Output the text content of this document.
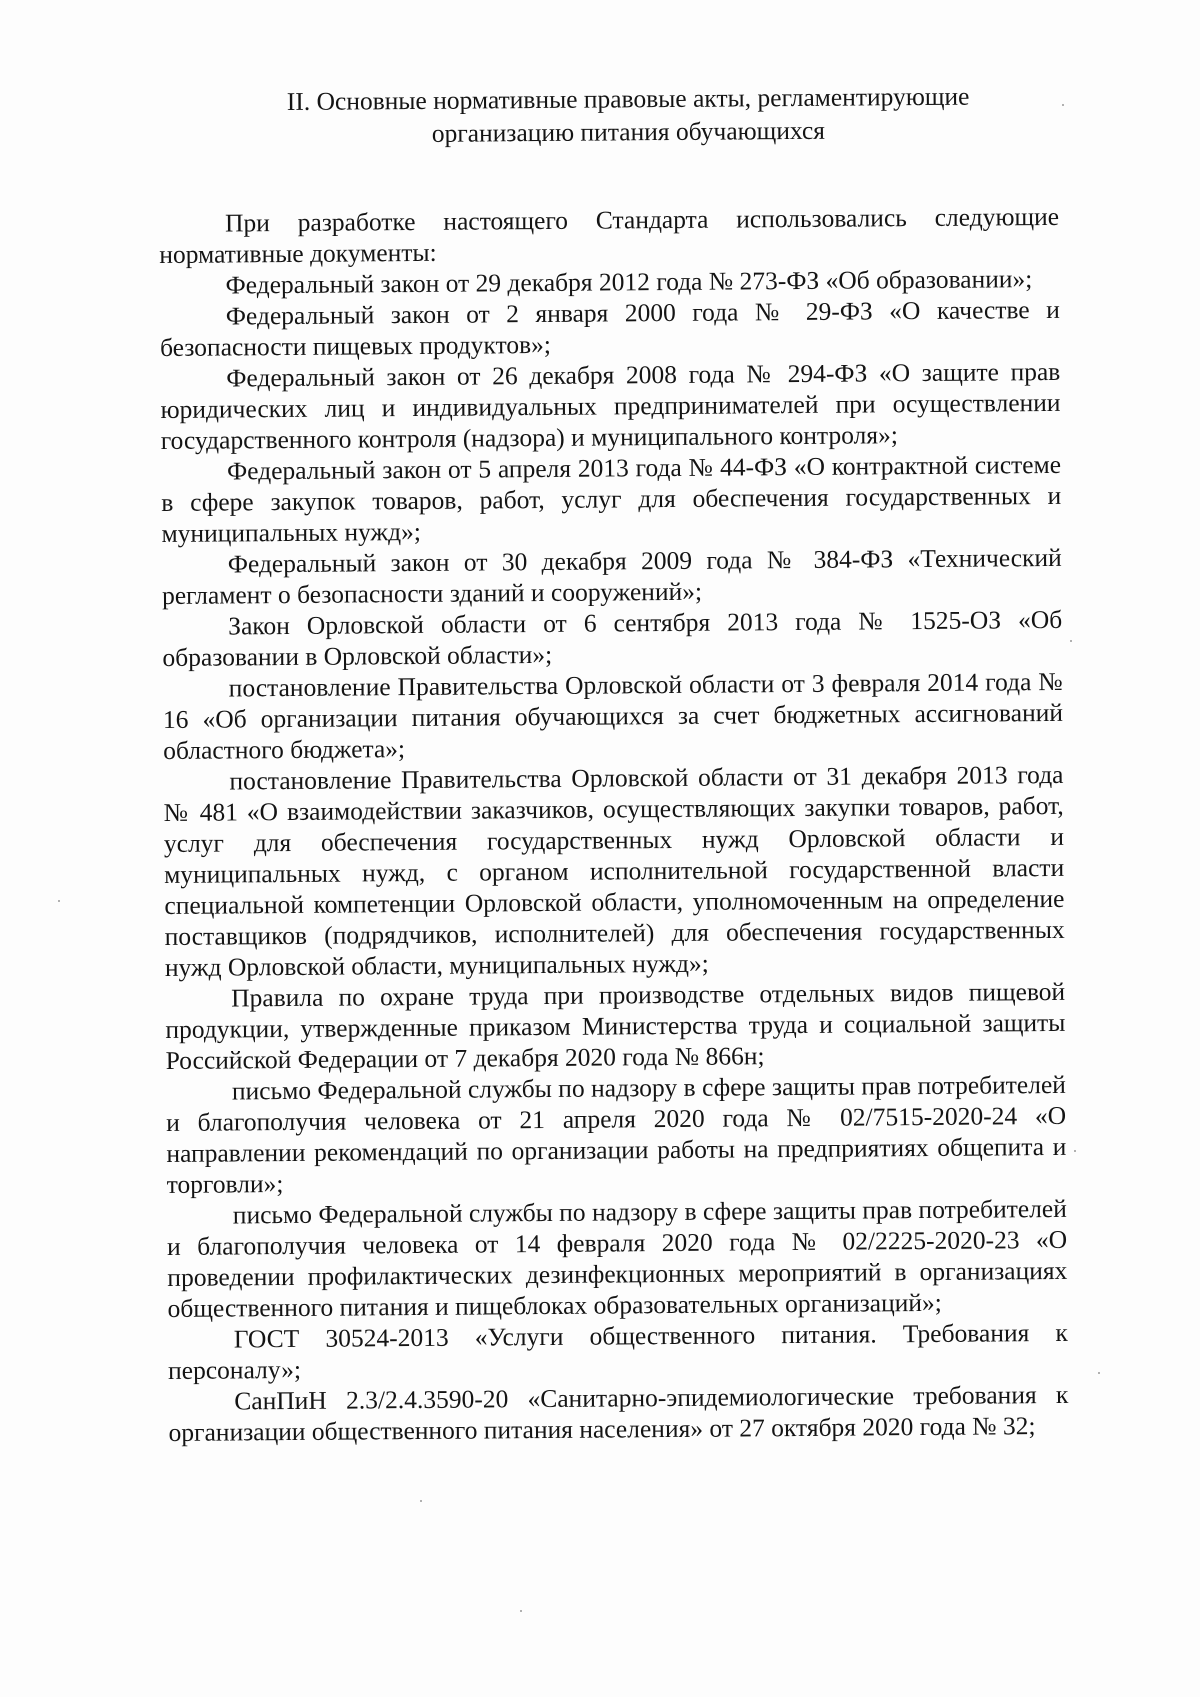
II. Основные нормативные правовые акты, регламентирующие
организацию питания обучающихся

При разработке настоящего Стандарта использовались следующие нормативные документы:

Федеральный закон от 29 декабря 2012 года № 273-ФЗ «Об образовании»;

Федеральный закон от 2 января 2000 года № 29-ФЗ «О качестве и безопасности пищевых продуктов»;

Федеральный закон от 26 декабря 2008 года № 294-ФЗ «О защите прав юридических лиц и индивидуальных предпринимателей при осуществлении государственного контроля (надзора) и муниципального контроля»;

Федеральный закон от 5 апреля 2013 года № 44-ФЗ «О контрактной системе в сфере закупок товаров, работ, услуг для обеспечения государственных и муниципальных нужд»;

Федеральный закон от 30 декабря 2009 года № 384-ФЗ «Технический регламент о безопасности зданий и сооружений»;

Закон Орловской области от 6 сентября 2013 года № 1525-ОЗ «Об образовании в Орловской области»;

постановление Правительства Орловской области от 3 февраля 2014 года № 16 «Об организации питания обучающихся за счет бюджетных ассигнований областного бюджета»;

постановление Правительства Орловской области от 31 декабря 2013 года № 481 «О взаимодействии заказчиков, осуществляющих закупки товаров, работ, услуг для обеспечения государственных нужд Орловской области и муниципальных нужд, с органом исполнительной государственной власти специальной компетенции Орловской области, уполномоченным на определение поставщиков (подрядчиков, исполнителей) для обеспечения государственных нужд Орловской области, муниципальных нужд»;

Правила по охране труда при производстве отдельных видов пищевой продукции, утвержденные приказом Министерства труда и социальной защиты Российской Федерации от 7 декабря 2020 года № 866н;

письмо Федеральной службы по надзору в сфере защиты прав потребителей и благополучия человека от 21 апреля 2020 года № 02/7515-2020-24 «О направлении рекомендаций по организации работы на предприятиях общепита и торговли»;

письмо Федеральной службы по надзору в сфере защиты прав потребителей и благополучия человека от 14 февраля 2020 года № 02/2225-2020-23 «О проведении профилактических дезинфекционных мероприятий в организациях общественного питания и пищеблоках образовательных организаций»;

ГОСТ 30524-2013 «Услуги общественного питания. Требования к персоналу»;

СанПиН 2.3/2.4.3590-20 «Санитарно-эпидемиологические требования к организации общественного питания населения» от 27 октября 2020 года № 32;
